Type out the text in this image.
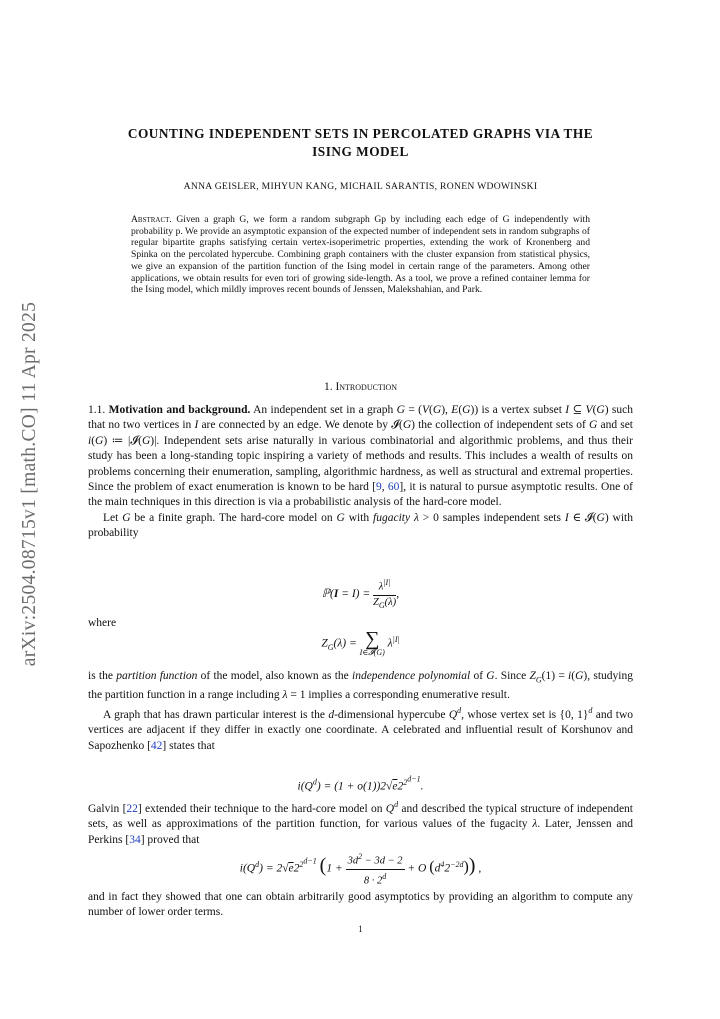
arXiv:2504.08715v1 [math.CO] 11 Apr 2025
COUNTING INDEPENDENT SETS IN PERCOLATED GRAPHS VIA THE
ISING MODEL
ANNA GEISLER, MIHYUN KANG, MICHAIL SARANTIS, RONEN WDOWINSKI

Abstract. Given a graph G, we form a random subgraph Gp by including each edge of G independently with probability p. We provide an asymptotic expansion of the expected number of independent sets in random subgraphs of regular bipartite graphs satisfying certain vertex-isoperimetric properties, extending the work of Kronenberg and Spinka on the percolated hypercube. Combining graph containers with the cluster expansion from statistical physics, we give an expansion of the partition function of the Ising model in certain range of the parameters. Among other applications, we obtain results for even tori of growing side-length. As a tool, we prove a refined container lemma for the Ising model, which mildly improves recent bounds of Jenssen, Malekshahian, and Park.

1. Introduction

1.1. Motivation and background. An independent set in a graph G = (V(G), E(G)) is a vertex subset I ⊆ V(G) such that no two vertices in I are connected by an edge. We denote by 𝓘(G) the collection of independent sets of G and set i(G) ≔ |𝓘(G)|. Independent sets arise naturally in various combinatorial and algorithmic problems, and thus their study has been a long-standing topic inspiring a variety of methods and results. This includes a wealth of results on problems concerning their enumeration, sampling, algorithmic hardness, as well as structural and extremal properties. Since the problem of exact enumeration is known to be hard [9, 60], it is natural to pursue asymptotic results. One of the main techniques in this direction is via a probabilistic analysis of the hard-core model.

Let G be a finite graph. The hard-core model on G with fugacity λ > 0 samples independent sets I ∈ 𝓘(G) with probability

ℙ(I = $I) = \frac{\lambda^{|I|}}{Z_G(\lambda)}$ ,

where

$Z_G(\lambda)$ = ∑
I∈𝓘(G)
$\lambda^{|I|}$

is the partition function of the model, also known as the independence polynomial of G. Since $Z_G(1) = i(G)$, studying the partition function in a range including λ = 1 implies a corresponding enumerative result.

A graph that has drawn particular interest is the d-dimensional hypercube $Q^d$, whose vertex set is {0, 1}$^d$ and two vertices are adjacent if they differ in exactly one coordinate. A celebrated and influential result of Korshunov and Sapozhenko [42] states that

$i(Q^d) = (1 + o(1))2√e2^{2^{d-1}}$.

Galvin [22] extended their technique to the hard-core model on $Q^d$ and described the typical structure of independent sets, as well as approximations of the partition function, for various values of the fugacity λ. Later, Jenssen and Perkins [34] proved that

$i(Q^d) = 2√e2^{2^{d-1}}$ ($1 + \frac{3d^2 - 3d - 2}{8 \cdot 2^d} + O$ $(d^42^{-2d})$) ,

and in fact they showed that one can obtain arbitrarily good asymptotics by providing an algorithm to compute any number of lower order terms.

1
